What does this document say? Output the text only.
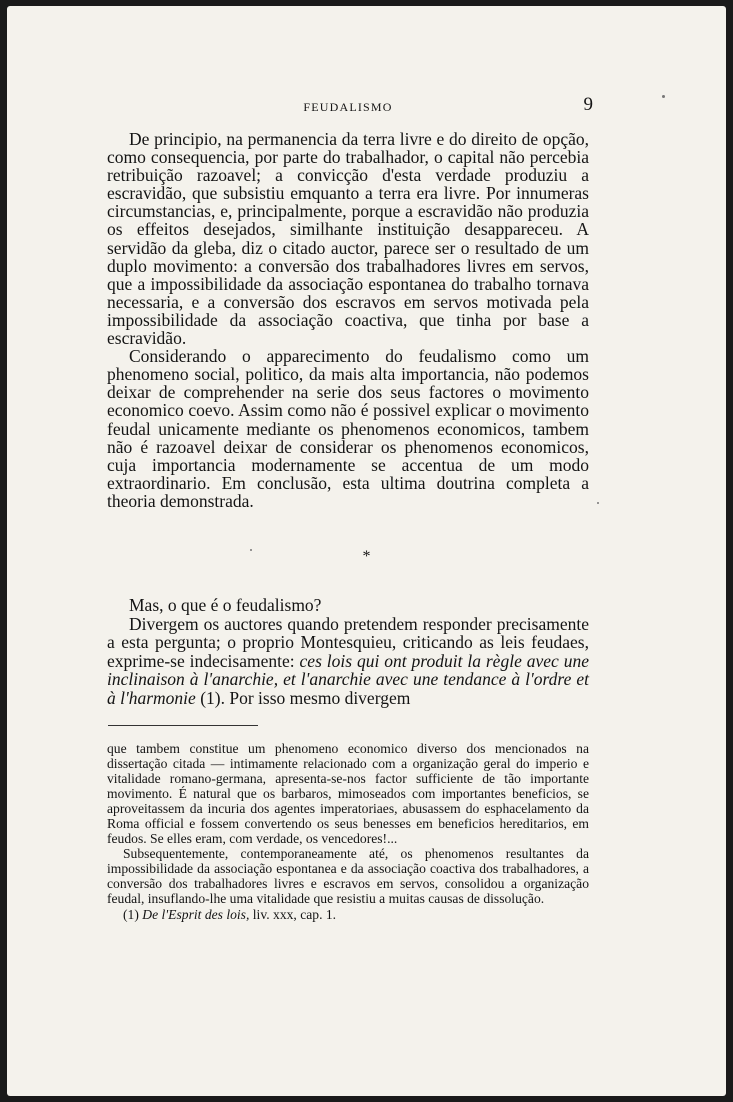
FEUDALISMO	9

De principio, na permanencia da terra livre e do direito de opção, como consequencia, por parte do trabalhador, o capital não percebia retribuição razoavel; a convicção d'esta verdade produziu a escravidão, que subsistiu emquanto a terra era livre. Por innumeras circumstancias, e, principalmente, porque a escravidão não produzia os effeitos desejados, similhante instituição desappareceu. A servidão da gleba, diz o citado auctor, parece ser o resultado de um duplo movimento: a conversão dos trabalhadores livres em servos, que a impossibilidade da associação espontanea do trabalho tornava necessaria, e a conversão dos escravos em servos motivada pela impossibilidade da associação coactiva, que tinha por base a escravidão.

Considerando o apparecimento do feudalismo como um phenomeno social, politico, da mais alta importancia, não podemos deixar de comprehender na serie dos seus factores o movimento economico coevo. Assim como não é possivel explicar o movimento feudal unicamente mediante os phenomenos economicos, tambem não é razoavel deixar de considerar os phenomenos economicos, cuja importancia modernamente se accentua de um modo extraordinario. Em conclusão, esta ultima doutrina completa a theoria demonstrada.

*

Mas, o que é o feudalismo?

Divergem os auctores quando pretendem responder precisamente a esta pergunta; o proprio Montesquieu, criticando as leis feudaes, exprime-se indecisamente: ces lois qui ont produit la règle avec une inclinaison à l'anarchie, et l'anarchie avec une tendance à l'ordre et à l'harmonie (1). Por isso mesmo divergem

que tambem constitue um phenomeno economico diverso dos mencionados na dissertação citada — intimamente relacionado com a organização geral do imperio e vitalidade romano-germana, apresenta-se-nos factor sufficiente de tão importante movimento. É natural que os barbaros, mimoseados com importantes beneficios, se aproveitassem da incuria dos agentes imperatoriaes, abusassem do esphacelamento da Roma official e fossem convertendo os seus benesses em beneficios hereditarios, em feudos. Se elles eram, com verdade, os vencedores!...

Subsequentemente, contemporaneamente até, os phenomenos resultantes da impossibilidade da associação espontanea e da associação coactiva dos trabalhadores, a conversão dos trabalhadores livres e escravos em servos, consolidou a organização feudal, insuflando-lhe uma vitalidade que resistiu a muitas causas de dissolução.

(1) De l'Esprit des lois, liv. xxx, cap. 1.
